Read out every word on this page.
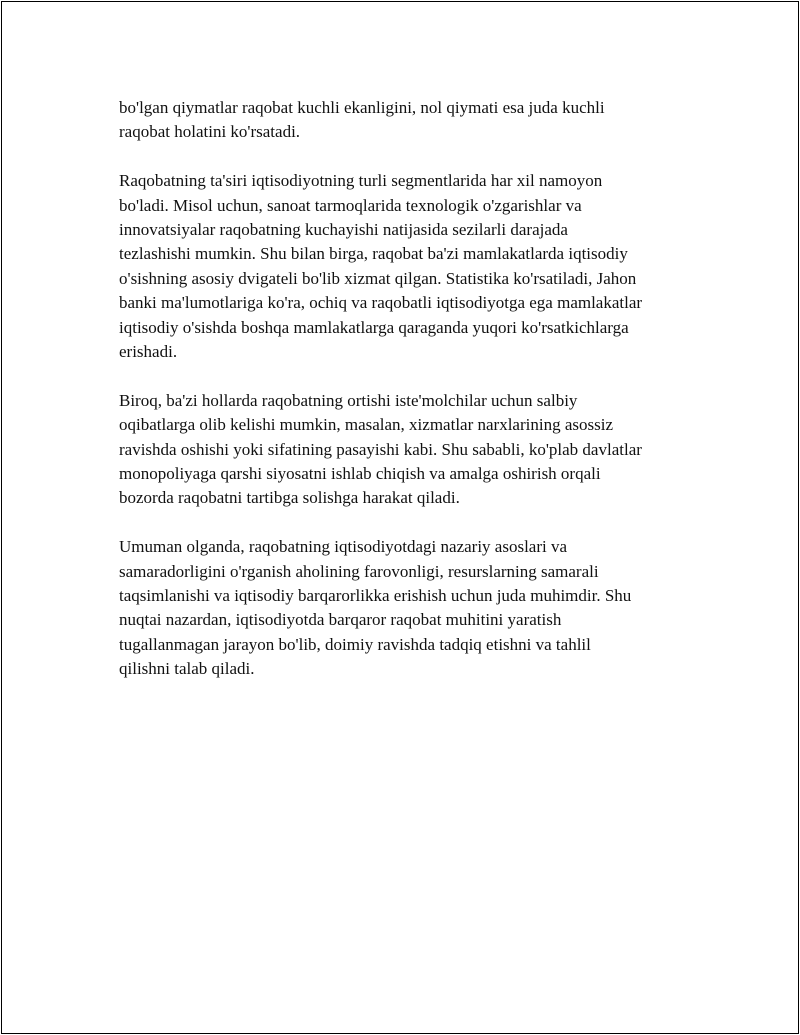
bo'lgan qiymatlar raqobat kuchli ekanligini, nol qiymati esa juda kuchli
raqobat holatini ko'rsatadi.

Raqobatning ta'siri iqtisodiyotning turli segmentlarida har xil namoyon
bo'ladi. Misol uchun, sanoat tarmoqlarida texnologik o'zgarishlar va
innovatsiyalar raqobatning kuchayishi natijasida sezilarli darajada
tezlashishi mumkin. Shu bilan birga, raqobat ba'zi mamlakatlarda iqtisodiy
o'sishning asosiy dvigateli bo'lib xizmat qilgan. Statistika ko'rsatiladi, Jahon
banki ma'lumotlariga ko'ra, ochiq va raqobatli iqtisodiyotga ega mamlakatlar
iqtisodiy o'sishda boshqa mamlakatlarga qaraganda yuqori ko'rsatkichlarga
erishadi.

Biroq, ba'zi hollarda raqobatning ortishi iste'molchilar uchun salbiy
oqibatlarga olib kelishi mumkin, masalan, xizmatlar narxlarining asossiz
ravishda oshishi yoki sifatining pasayishi kabi. Shu sababli, ko'plab davlatlar
monopoliyaga qarshi siyosatni ishlab chiqish va amalga oshirish orqali
bozorda raqobatni tartibga solishga harakat qiladi.

Umuman olganda, raqobatning iqtisodiyotdagi nazariy asoslari va
samaradorligini o'rganish aholining farovonligi, resurslarning samarali
taqsimlanishi va iqtisodiy barqarorlikka erishish uchun juda muhimdir. Shu
nuqtai nazardan, iqtisodiyotda barqaror raqobat muhitini yaratish
tugallanmagan jarayon bo'lib, doimiy ravishda tadqiq etishni va tahlil
qilishni talab qiladi.
